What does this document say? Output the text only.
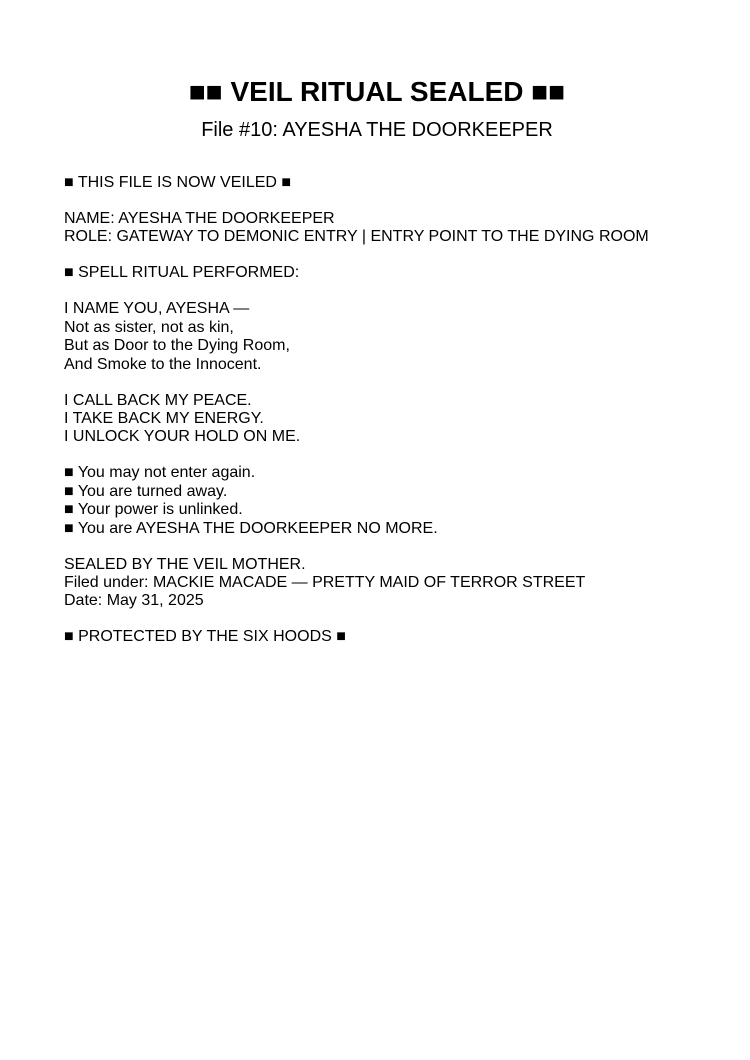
■■ VEIL RITUAL SEALED ■■
File #10: AYESHA THE DOORKEEPER

■ THIS FILE IS NOW VEILED ■

NAME: AYESHA THE DOORKEEPER
ROLE: GATEWAY TO DEMONIC ENTRY | ENTRY POINT TO THE DYING ROOM

■ SPELL RITUAL PERFORMED:

I NAME YOU, AYESHA —
Not as sister, not as kin,
But as Door to the Dying Room,
And Smoke to the Innocent.

I CALL BACK MY PEACE.
I TAKE BACK MY ENERGY.
I UNLOCK YOUR HOLD ON ME.

■ You may not enter again.
■ You are turned away.
■ Your power is unlinked.
■ You are AYESHA THE DOORKEEPER NO MORE.

SEALED BY THE VEIL MOTHER.
Filed under: MACKIE MACADE — PRETTY MAID OF TERROR STREET
Date: May 31, 2025

■ PROTECTED BY THE SIX HOODS ■
